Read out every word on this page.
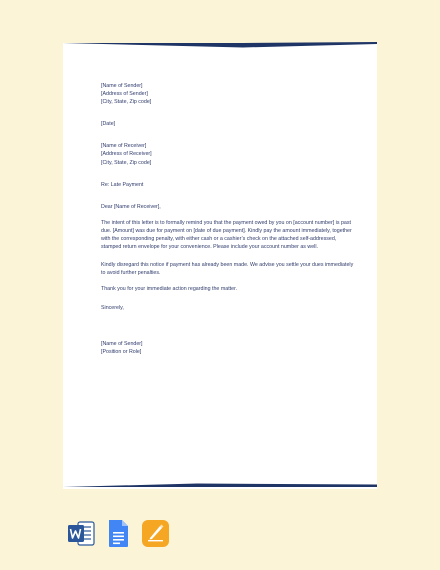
[Name of Sender]

[Address of Sender]

[City, State, Zip code]

[Date]

[Name of Receiver]

[Address of Receiver]

[City, State, Zip code]

Re: Late Payment

Dear [Name of Receiver],

The intent of this letter is to formally remind you that the payment owed by you on [account number] is past due. [Amount] was due for payment on [date of due payment]. Kindly pay the amount immediately, together with the corresponding penalty, with either cash or a cashier’s check on the attached self-addressed, stamped return envelope for your convenience. Please include your account number as well.

Kindly disregard this notice if payment has already been made. We advise you settle your dues immediately to avoid further penalties.

Thank you for your immediate action regarding the matter.

Sincerely,

[Name of Sender]

[Position or Role]
